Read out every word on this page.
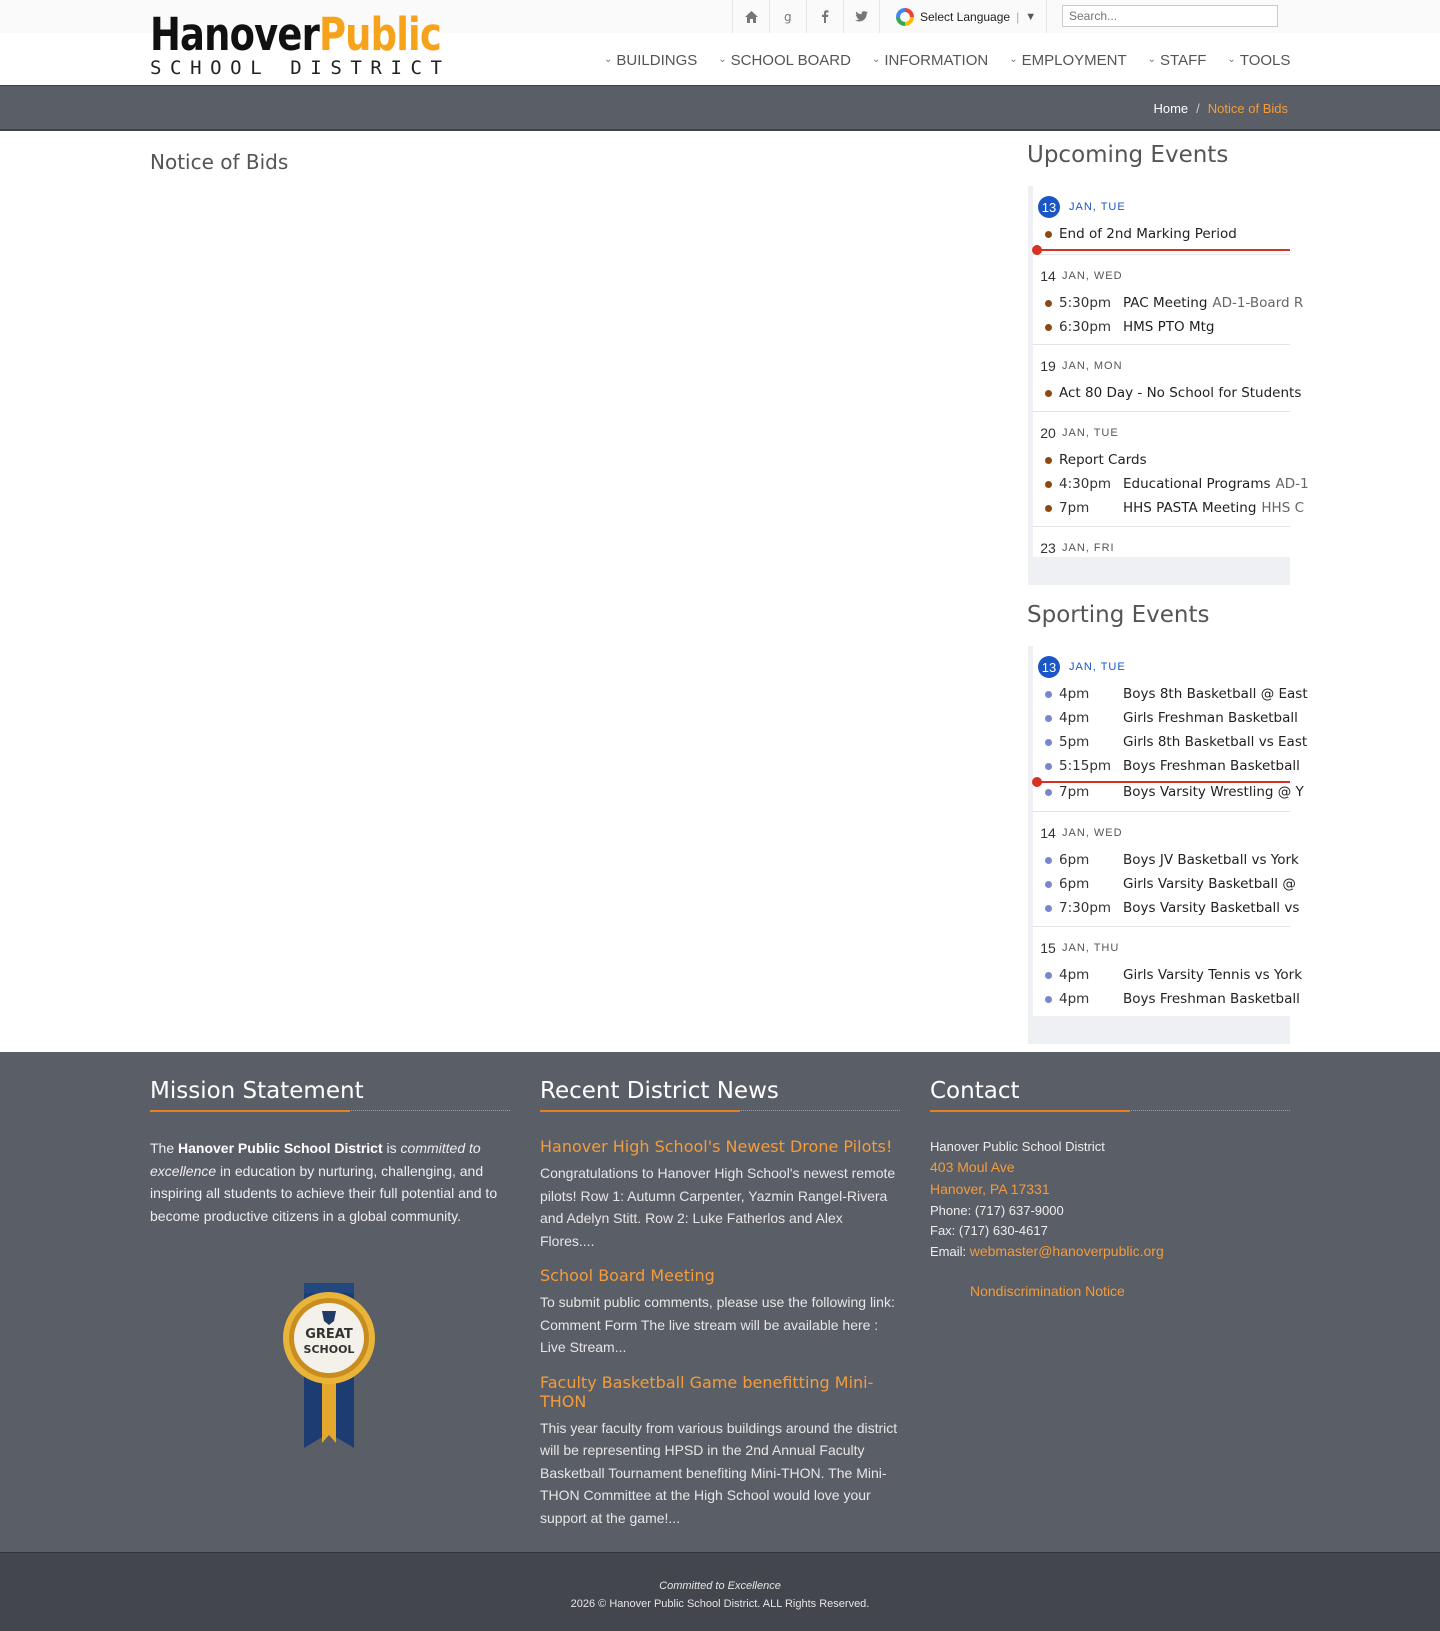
HanoverPublic
SCHOOL DISTRICT
g	Select Language | ▼
Search...
⌄ BUILDINGS ⌄ SCHOOL BOARD ⌄ INFORMATION ⌄ EMPLOYMENT ⌄ STAFF ⌄ TOOLS
Home / Notice of Bids
Notice of Bids	Upcoming Events
13	JAN, TUE
End of 2nd Marking Period
14 JAN, WED
5:30pm PAC Meeting AD-1-Board R
6:30pm HMS PTO Mtg
19 JAN, MON
Act 80 Day - No School for Students
20 JAN, TUE
Report Cards
4:30pm Educational Programs AD-1
7pm	HHS PASTA Meeting HHS C
23 JAN, FRI
Sporting Events
13	JAN, TUE
4pm	Boys 8th Basketball @ East
4pm	Girls Freshman Basketball
5pm	Girls 8th Basketball vs East
5:15pm Boys Freshman Basketball
7pm	Boys Varsity Wrestling @ Y
14 JAN, WED
6pm	Boys JV Basketball vs York
6pm	Girls Varsity Basketball @
7:30pm Boys Varsity Basketball vs
15 JAN, THU
4pm	Girls Varsity Tennis vs York
4pm	Boys Freshman Basketball
Mission Statement

The Hanover Public School District is committed to excellence in education by nurturing, challenging, and inspiring all students to achieve their full potential and to become productive citizens in a global community.

GREAT
SCHOOL
Recent District News
Hanover High School's Newest Drone Pilots!

Congratulations to Hanover High School's newest remote pilots! Row 1: Autumn Carpenter, Yazmin Rangel-Rivera and Adelyn Stitt. Row 2: Luke Fatherlos and Alex Flores....

School Board Meeting

To submit public comments, please use the following link: Comment Form The live stream will be available here : Live Stream...

Faculty Basketball Game benefitting Mini-THON

This year faculty from various buildings around the district will be representing HPSD in the 2nd Annual Faculty Basketball Tournament benefiting Mini-THON. The Mini-THON Committee at the High School would love your support at the game!...

Contact
Hanover Public School District
403 Moul Ave
Hanover, PA 17331
Phone: (717) 637-9000
Fax: (717) 630-4617
Email: webmaster@hanoverpublic.org
Nondiscrimination Notice
Committed to Excellence
2026 © Hanover Public School District. ALL Rights Reserved.
